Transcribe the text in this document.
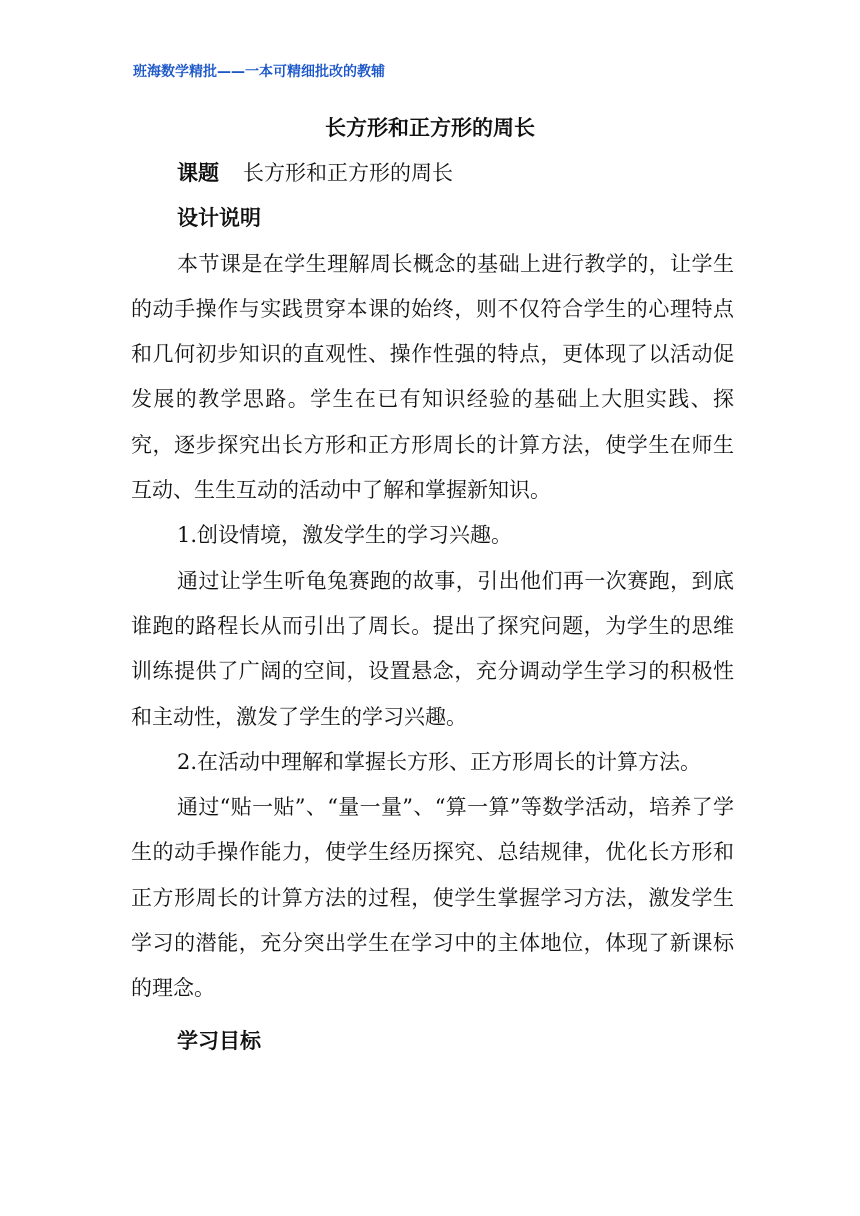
班海数学精批——一本可精细批改的教辅
长方形和正方形的周长

课题 长方形和正方形的周长

设计说明

本节课是在学生理解周长概念的基础上进行教学的，让学生的动手操作与实践贯穿本课的始终，则不仅符合学生的心理特点和几何初步知识的直观性、操作性强的特点，更体现了以活动促发展的教学思路。学生在已有知识经验的基础上大胆实践、探究，逐步探究出长方形和正方形周长的计算方法，使学生在师生互动、生生互动的活动中了解和掌握新知识。

1.创设情境，激发学生的学习兴趣。

通过让学生听龟兔赛跑的故事，引出他们再一次赛跑，到底谁跑的路程长从而引出了周长。提出了探究问题，为学生的思维训练提供了广阔的空间，设置悬念，充分调动学生学习的积极性和主动性，激发了学生的学习兴趣。

2.在活动中理解和掌握长方形、正方形周长的计算方法。

通过“贴一贴”、“量一量”、“算一算”等数学活动，培养了学生的动手操作能力，使学生经历探究、总结规律，优化长方形和正方形周长的计算方法的过程，使学生掌握学习方法，激发学生学习的潜能，充分突出学生在学习中的主体地位，体现了新课标的理念。

学习目标
